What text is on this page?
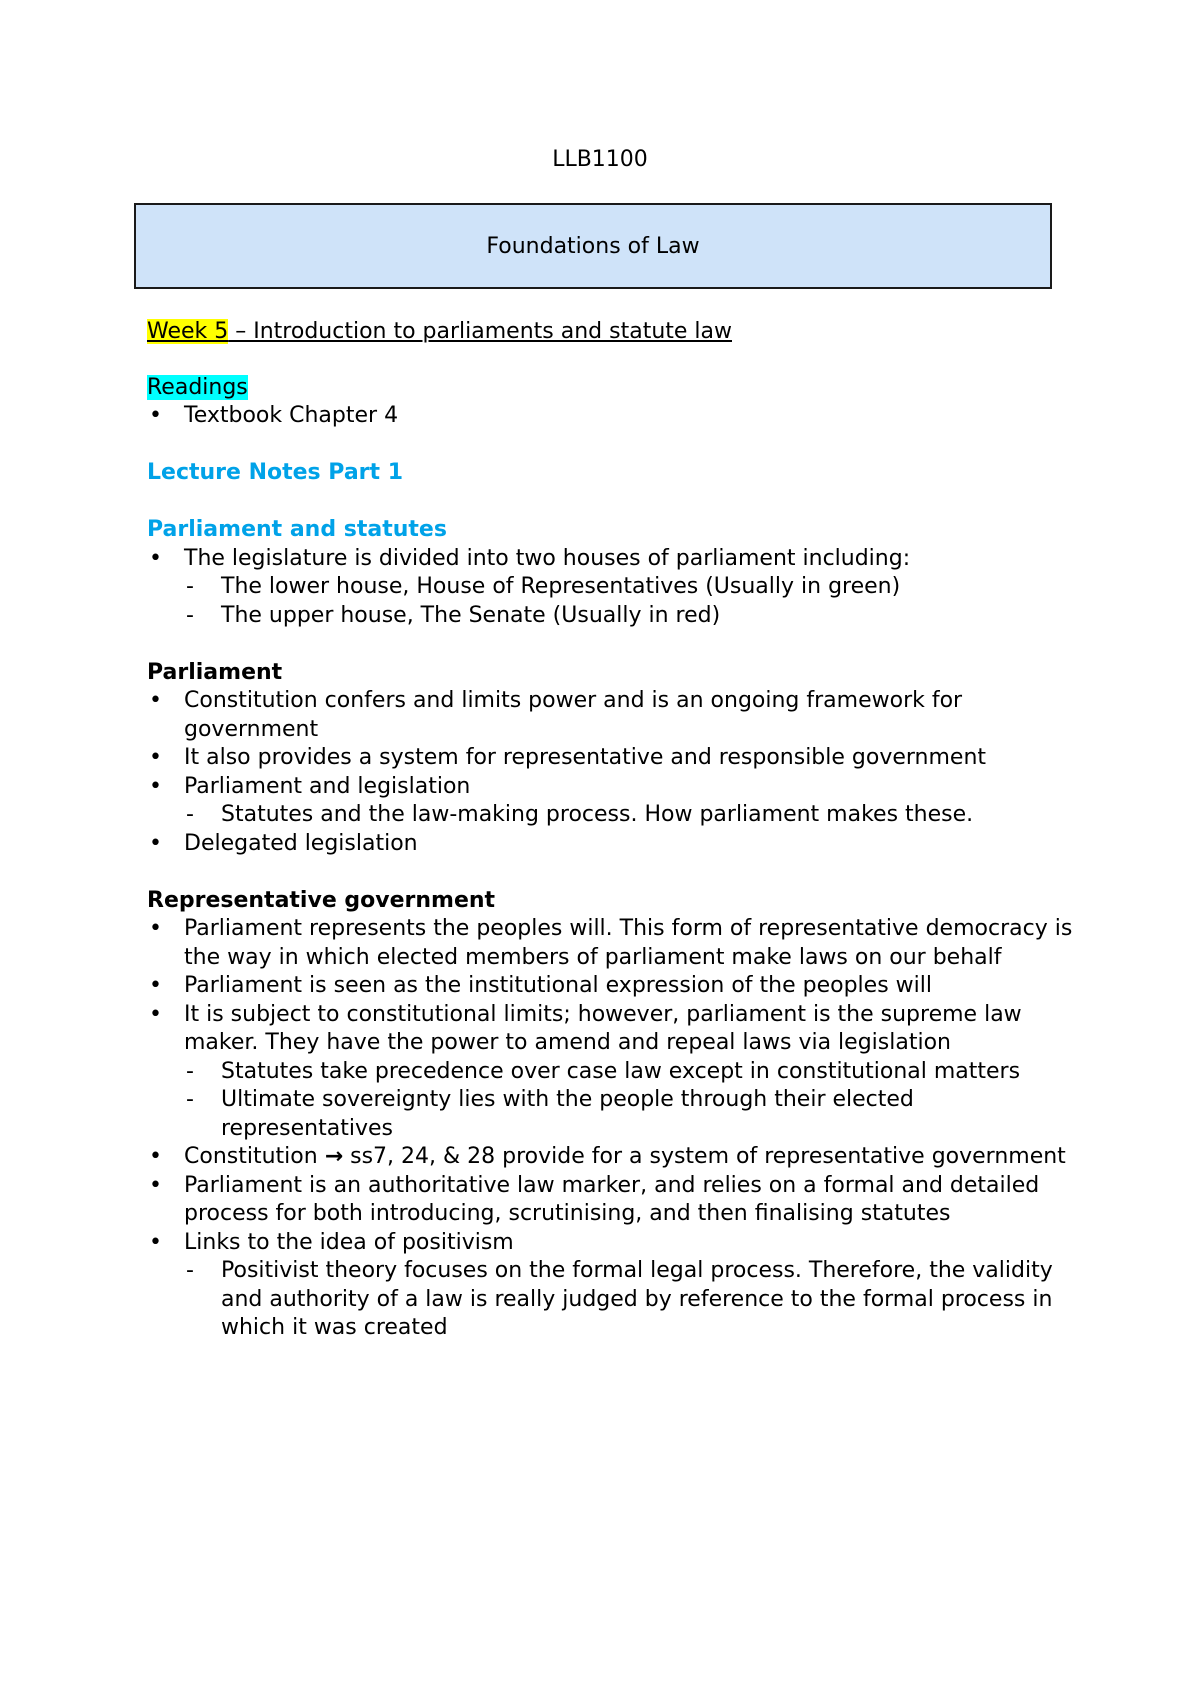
LLB1100
Foundations of Law

Week 5 – Introduction to parliaments and statute law

Readings

• Textbook Chapter 4

Lecture Notes Part 1

Parliament and statutes

• The legislature is divided into two houses of parliament including:
- The lower house, House of Representatives (Usually in green)
- The upper house, The Senate (Usually in red)

Parliament

• Constitution confers and limits power and is an ongoing framework for government
• It also provides a system for representative and responsible government
• Parliament and legislation
- Statutes and the law-making process. How parliament makes these.
• Delegated legislation

Representative government

• Parliament represents the peoples will. This form of representative democracy is the way in which elected members of parliament make laws on our behalf
• Parliament is seen as the institutional expression of the peoples will
• It is subject to constitutional limits; however, parliament is the supreme law maker. They have the power to amend and repeal laws via legislation
- Statutes take precedence over case law except in constitutional matters
- Ultimate sovereignty lies with the people through their elected representatives
• Constitution → ss7, 24, & 28 provide for a system of representative government
• Parliament is an authoritative law marker, and relies on a formal and detailed process for both introducing, scrutinising, and then finalising statutes
• Links to the idea of positivism
- Positivist theory focuses on the formal legal process. Therefore, the validity and authority of a law is really judged by reference to the formal process in which it was created
